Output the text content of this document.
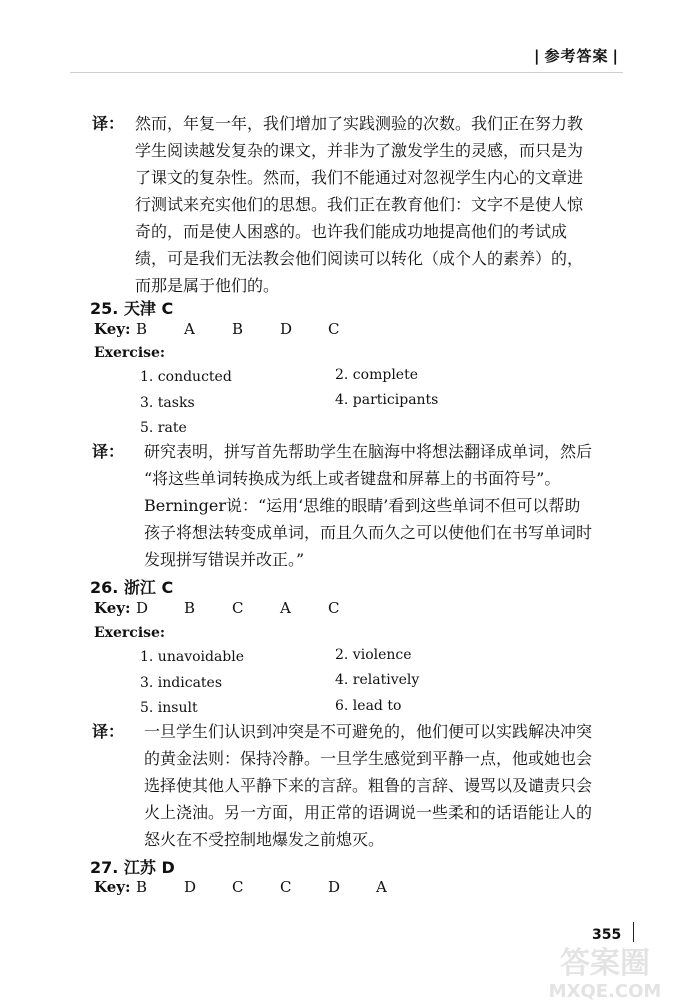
| 参考答案 |
译： 然而，年复一年，我们增加了实践测验的次数。我们正在努力教
学生阅读越发复杂的课文，并非为了激发学生的灵感，而只是为
了课文的复杂性。然而，我们不能通过对忽视学生内心的文章进
行测试来充实他们的思想。我们正在教育他们：文字不是使人惊
奇的，而是使人困惑的。也许我们能成功地提高他们的考试成
绩，可是我们无法教会他们阅读可以转化（成个人的素养）的，
而那是属于他们的。
25. 天津 C
Key: B A B D C
Exercise:
1. conducted	2. complete
3. tasks	4. participants
5. rate
译： 研究表明，拼写首先帮助学生在脑海中将想法翻译成单词，然后
“将这些单词转换成为纸上或者键盘和屏幕上的书面符号”。
Berninger说：“运用‘思维的眼睛’看到这些单词不但可以帮助
孩子将想法转变成单词，而且久而久之可以使他们在书写单词时
发现拼写错误并改正。”
26. 浙江 C
Key: D B C A C
Exercise:
1. unavoidable	2. violence
3. indicates	4. relatively
5. insult	6. lead to
译： 一旦学生们认识到冲突是不可避免的，他们便可以实践解决冲突
的黄金法则：保持冷静。一旦学生感觉到平静一点，他或她也会
选择使其他人平静下来的言辞。粗鲁的言辞、谩骂以及谴责只会
火上浇油。另一方面，用正常的语调说一些柔和的话语能让人的
怒火在不受控制地爆发之前熄灭。
27. 江苏 D
Key: B D C C D A
355
答案圈
MXQE.COM
